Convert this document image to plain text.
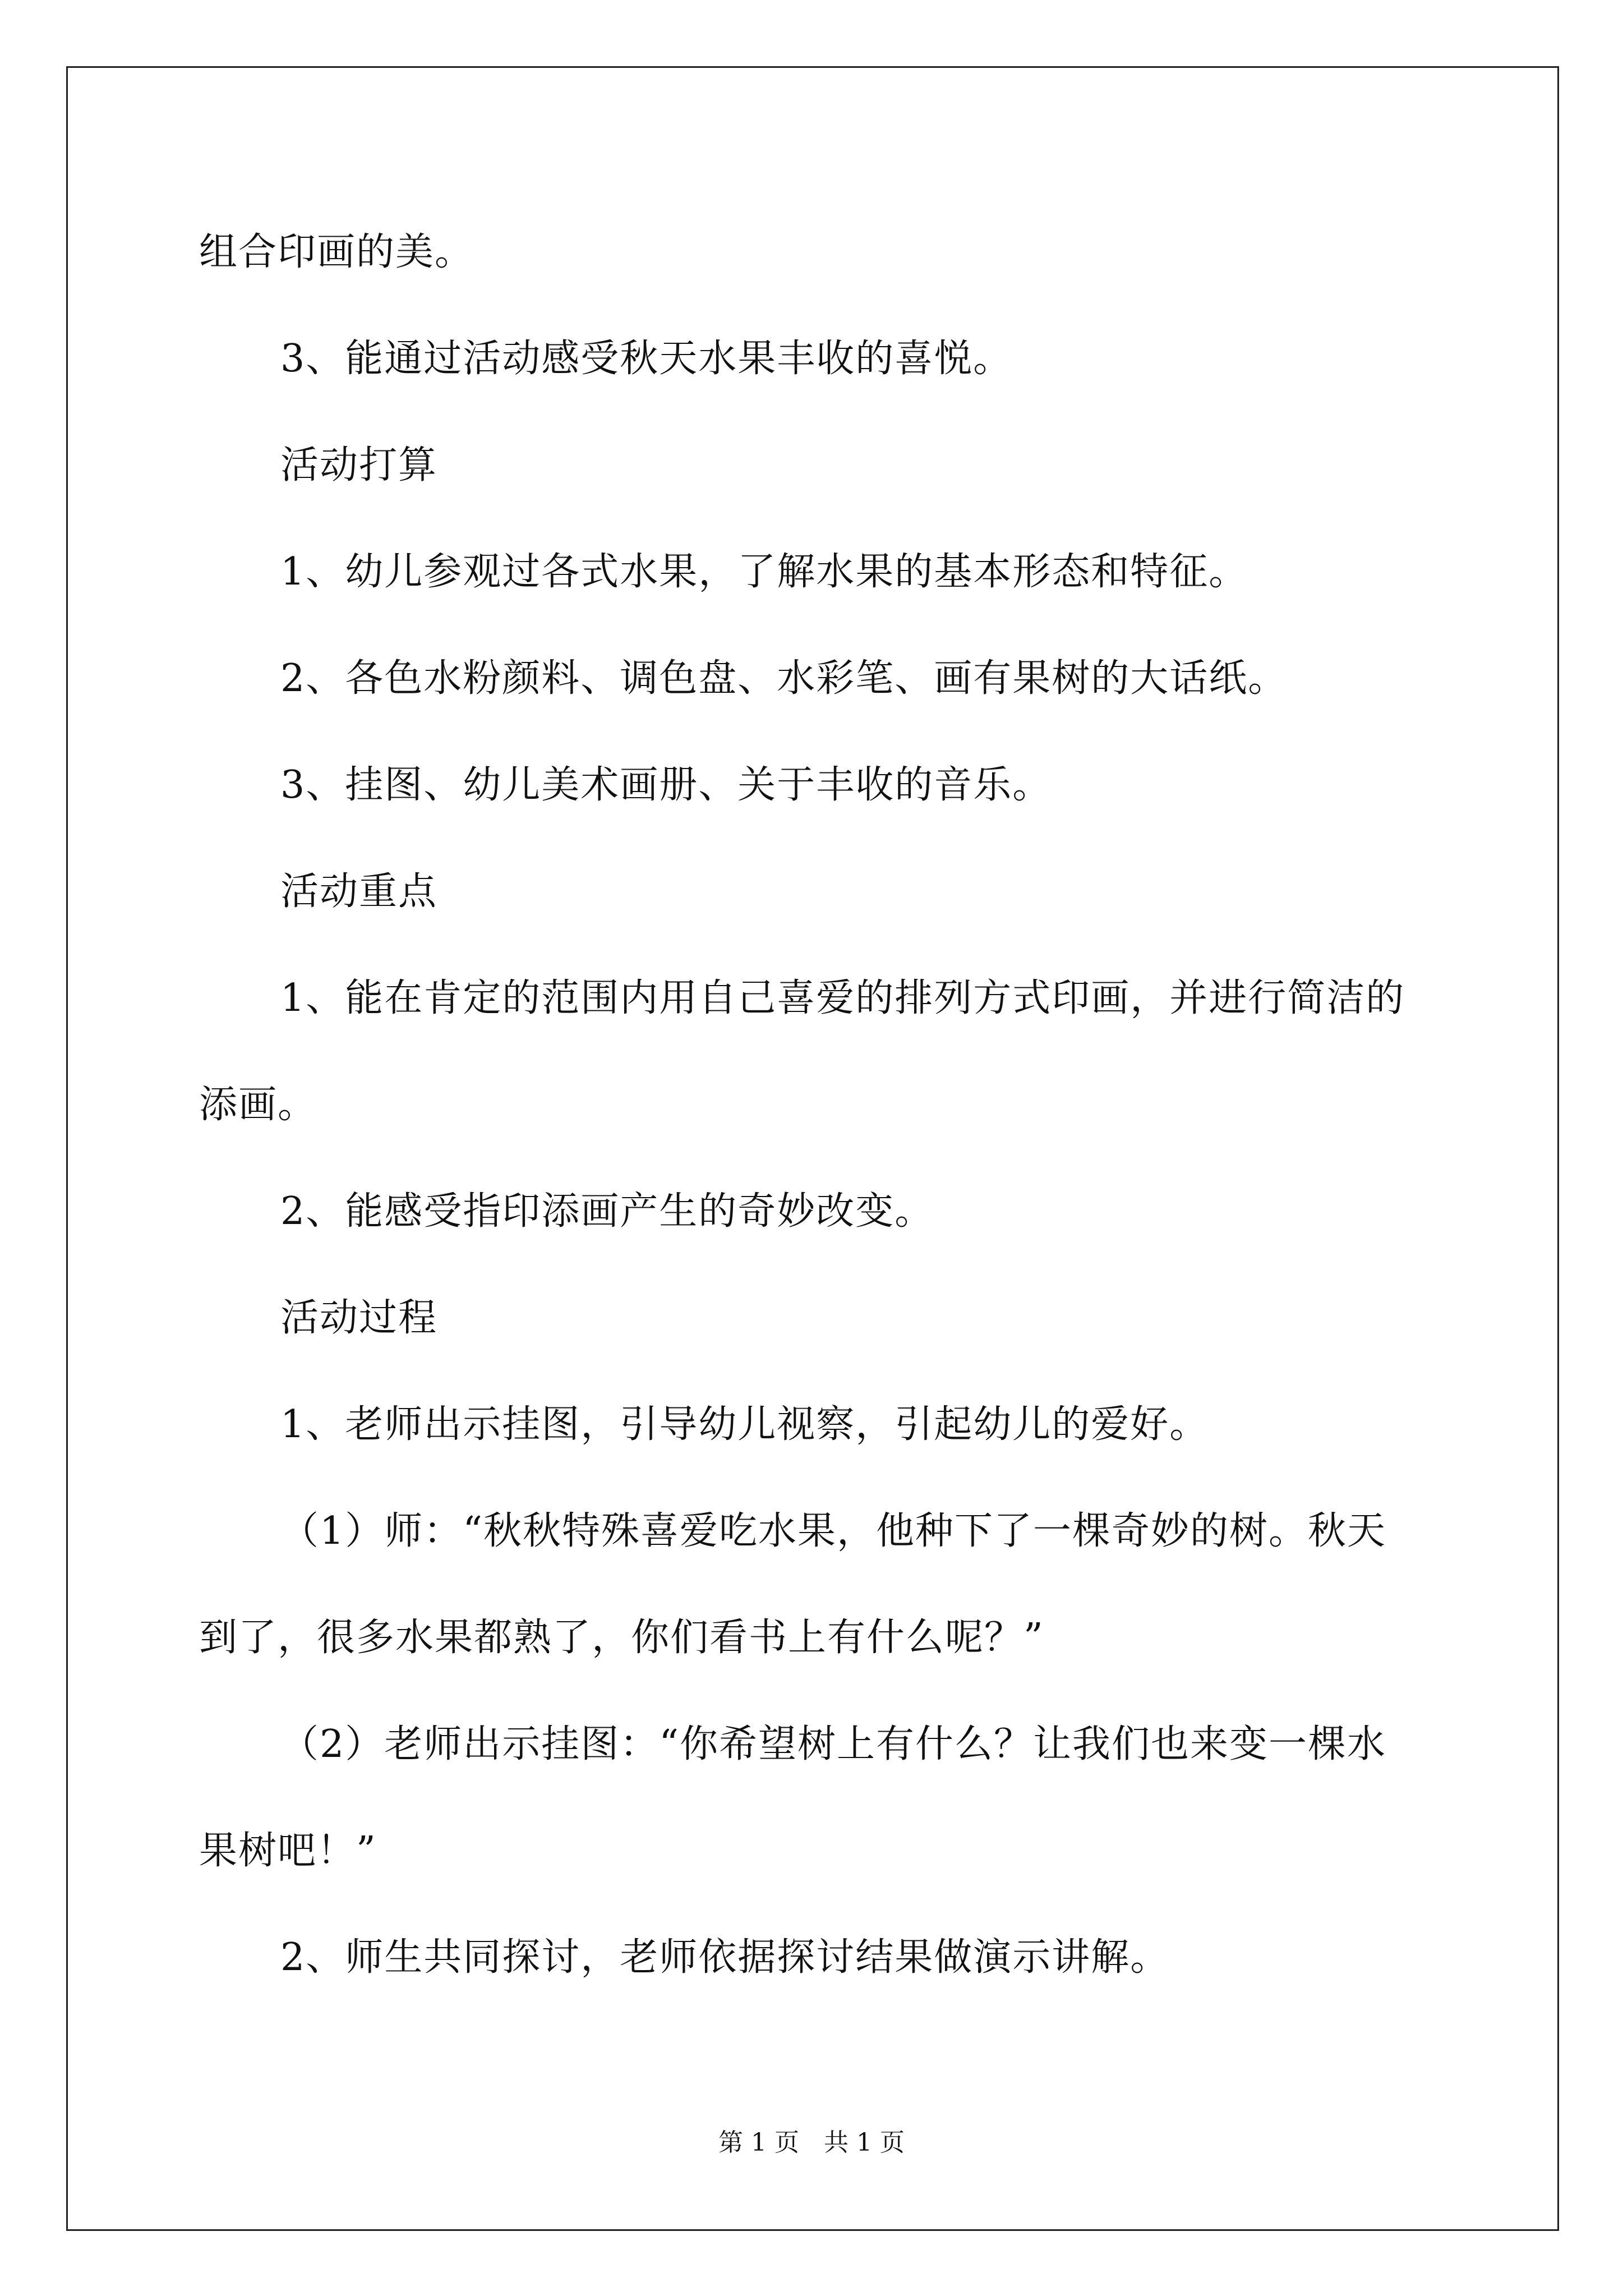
组合印画的美。
3、能通过活动感受秋天水果丰收的喜悦。
活动打算
1、幼儿参观过各式水果，了解水果的基本形态和特征。
2、各色水粉颜料、调色盘、水彩笔、画有果树的大话纸。
3、挂图、幼儿美术画册、关于丰收的音乐。
活动重点
1、能在肯定的范围内用自己喜爱的排列方式印画，并进行简洁的
添画。
2、能感受指印添画产生的奇妙改变。
活动过程
1、老师出示挂图，引导幼儿视察，引起幼儿的爱好。
（1）师：“秋秋特殊喜爱吃水果，他种下了一棵奇妙的树。秋天
到了，很多水果都熟了，你们看书上有什么呢？”
（2）老师出示挂图：“你希望树上有什么？让我们也来变一棵水
果树吧！”
2、师生共同探讨，老师依据探讨结果做演示讲解。
第 1 页　共 1 页
